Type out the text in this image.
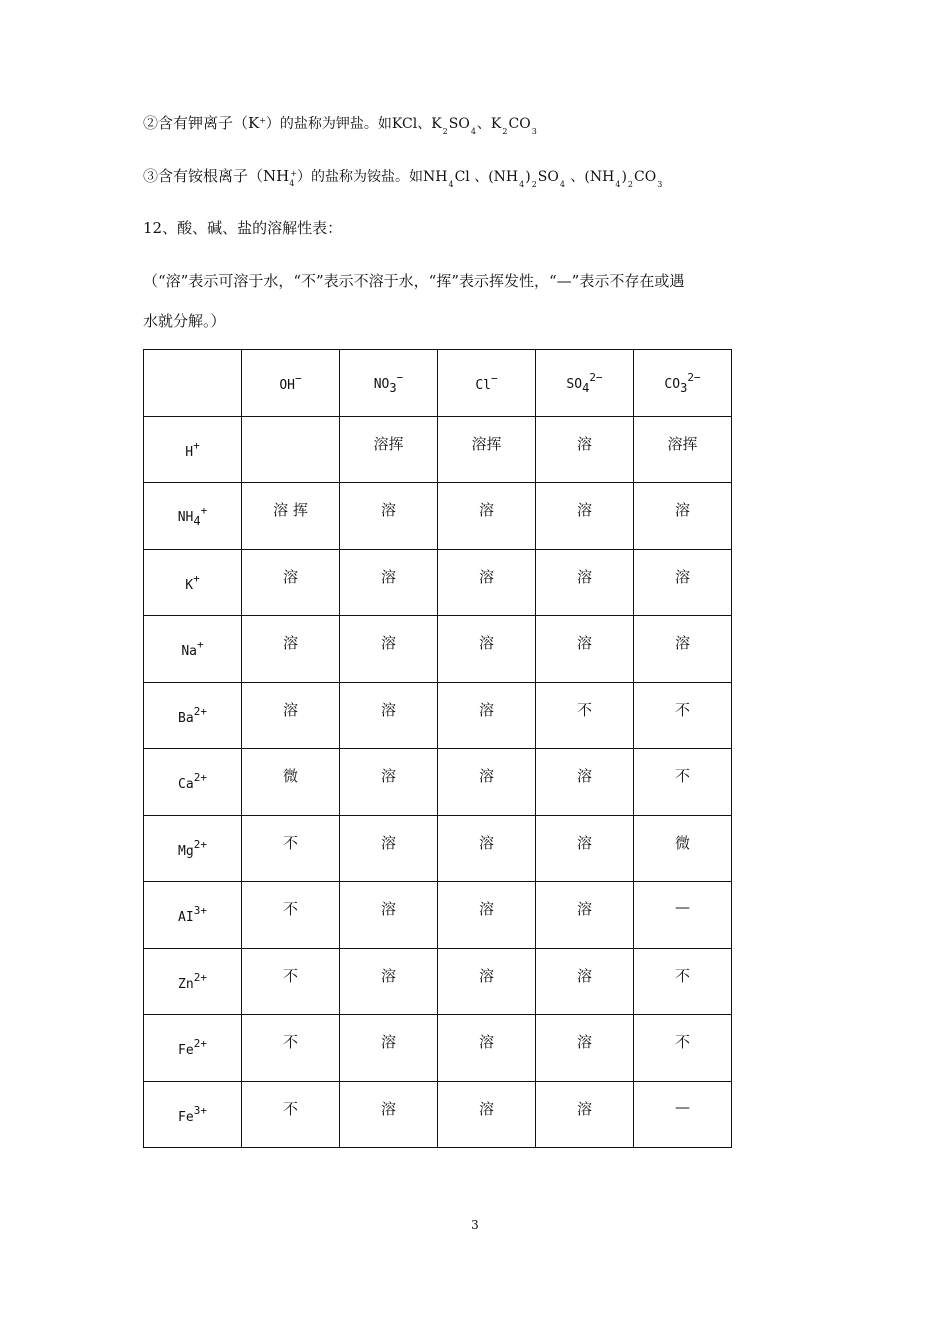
②含有钾离子（K+）的盐称为钾盐。如KCl、$K_2SO_4$、$K_2CO_3$
③含有铵根离子$(NH_4^+)$的盐称为铵盐。如$NH_4Cl$ 、$(NH_4)_2SO_4$ 、$(NH_4)_2CO_3$
12、酸、碱、盐的溶解性表：
（“溶”表示可溶于水，“不”表示不溶于水，“挥”表示挥发性，“—”表示不存在或遇
水就分解。）
	OH−	$NO_3^-$	Cl−	$SO_4^{2-}$	$CO_3^{2-}$
H+		溶挥	溶挥	溶	溶挥
$NH_4^+$	溶 挥	溶	溶	溶	溶
K+	溶	溶	溶	溶	溶
Na+	溶	溶	溶	溶	溶
$Ba^{2+}$	溶	溶	溶	不	不
$Ca^{2+}$	微	溶	溶	溶	不
$Mg^{2+}$	不	溶	溶	溶	微
$AI^{3+}$	不	溶	溶	溶	—
$Zn^{2+}$	不	溶	溶	溶	不
$Fe^{2+}$	不	溶	溶	溶	不
$Fe^{3+}$	不	溶	溶	溶	—
3
